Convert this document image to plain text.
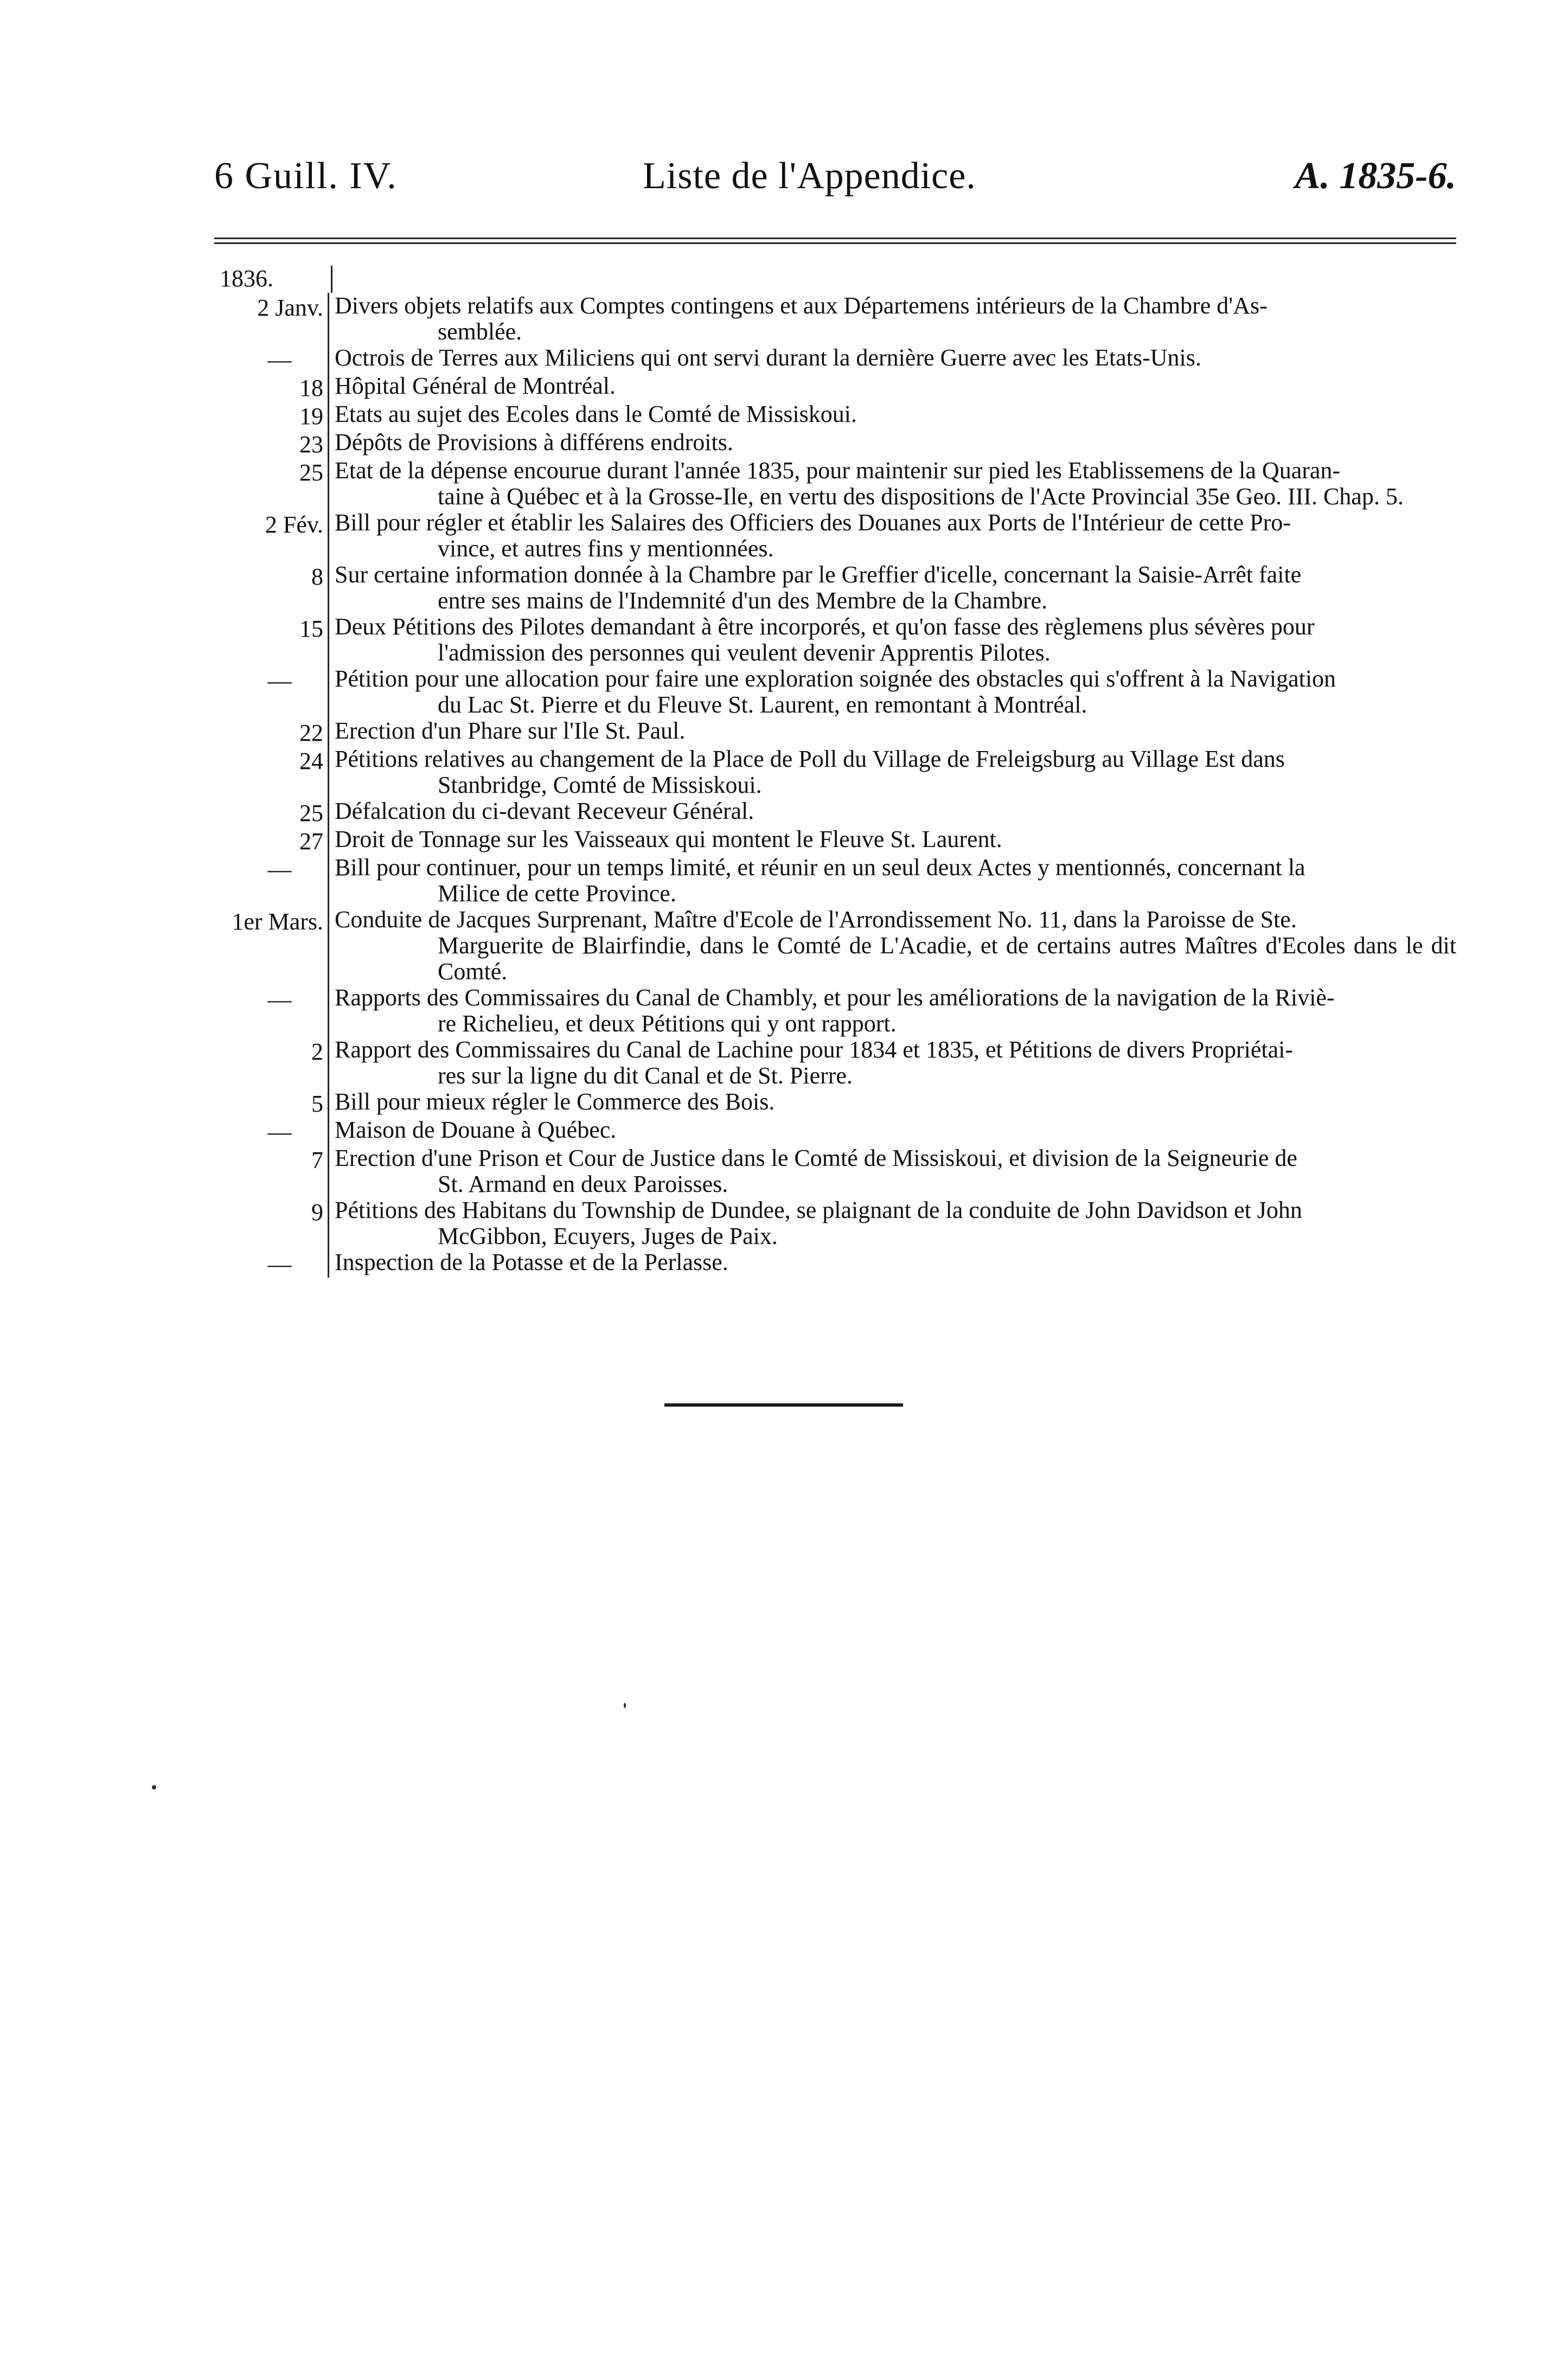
6 Guill. IV.	Liste de l'Appendice.	A. 1835-6.
1836.
2 Janv. Divers objets relatifs aux Comptes contingens et aux Départemens intérieurs de la Chambre d'As-
semblée.
—	Octrois de Terres aux Miliciens qui ont servi durant la dernière Guerre avec les Etats-Unis.
18 Hôpital Général de Montréal.
19 Etats au sujet des Ecoles dans le Comté de Missiskoui.
23 Dépôts de Provisions à différens endroits.
25 Etat de la dépense encourue durant l'année 1835, pour maintenir sur pied les Etablissemens de la Quaran-
taine à Québec et à la Grosse-Ile, en vertu des dispositions de l'Acte Provincial 35e Geo. III. Chap. 5.
2 Fév. Bill pour régler et établir les Salaires des Officiers des Douanes aux Ports de l'Intérieur de cette Pro-
vince, et autres fins y mentionnées.
8 Sur certaine information donnée à la Chambre par le Greffier d'icelle, concernant la Saisie-Arrêt faite
entre ses mains de l'Indemnité d'un des Membre de la Chambre.
15 Deux Pétitions des Pilotes demandant à être incorporés, et qu'on fasse des règlemens plus sévères pour
l'admission des personnes qui veulent devenir Apprentis Pilotes.
—	Pétition pour une allocation pour faire une exploration soignée des obstacles qui s'offrent à la Navigation
du Lac St. Pierre et du Fleuve St. Laurent, en remontant à Montréal.
22 Erection d'un Phare sur l'Ile St. Paul.
24 Pétitions relatives au changement de la Place de Poll du Village de Freleigsburg au Village Est dans
Stanbridge, Comté de Missiskoui.
25 Défalcation du ci-devant Receveur Général.
27 Droit de Tonnage sur les Vaisseaux qui montent le Fleuve St. Laurent.
—	Bill pour continuer, pour un temps limité, et réunir en un seul deux Actes y mentionnés, concernant la
Milice de cette Province.
1er Mars. Conduite de Jacques Surprenant, Maître d'Ecole de l'Arrondissement No. 11, dans la Paroisse de Ste.
Marguerite de Blairfindie, dans le Comté de L'Acadie, et de certains autres Maîtres d'Ecoles dans le dit Comté.
—	Rapports des Commissaires du Canal de Chambly, et pour les améliorations de la navigation de la Riviè-
re Richelieu, et deux Pétitions qui y ont rapport.
2 Rapport des Commissaires du Canal de Lachine pour 1834 et 1835, et Pétitions de divers Propriétai-
res sur la ligne du dit Canal et de St. Pierre.
5 Bill pour mieux régler le Commerce des Bois.
—	Maison de Douane à Québec.
7 Erection d'une Prison et Cour de Justice dans le Comté de Missiskoui, et division de la Seigneurie de
St. Armand en deux Paroisses.
9 Pétitions des Habitans du Township de Dundee, se plaignant de la conduite de John Davidson et John
McGibbon, Ecuyers, Juges de Paix.
—	Inspection de la Potasse et de la Perlasse.
